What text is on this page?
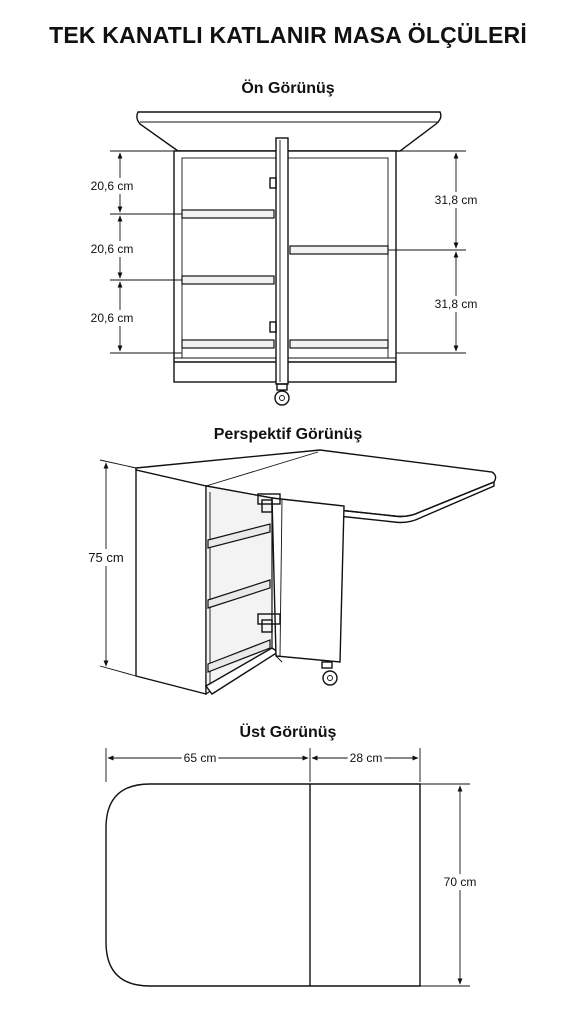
TEK KANATLI KATLANIR MASA ÖLÇÜLERİ
Ön Görünüş
Perspektif Görünüş
Üst Görünüş
20,6 cm
20,6 cm
20,6 cm
31,8 cm
31,8 cm
75 cm
65 cm	28 cm
70 cm
